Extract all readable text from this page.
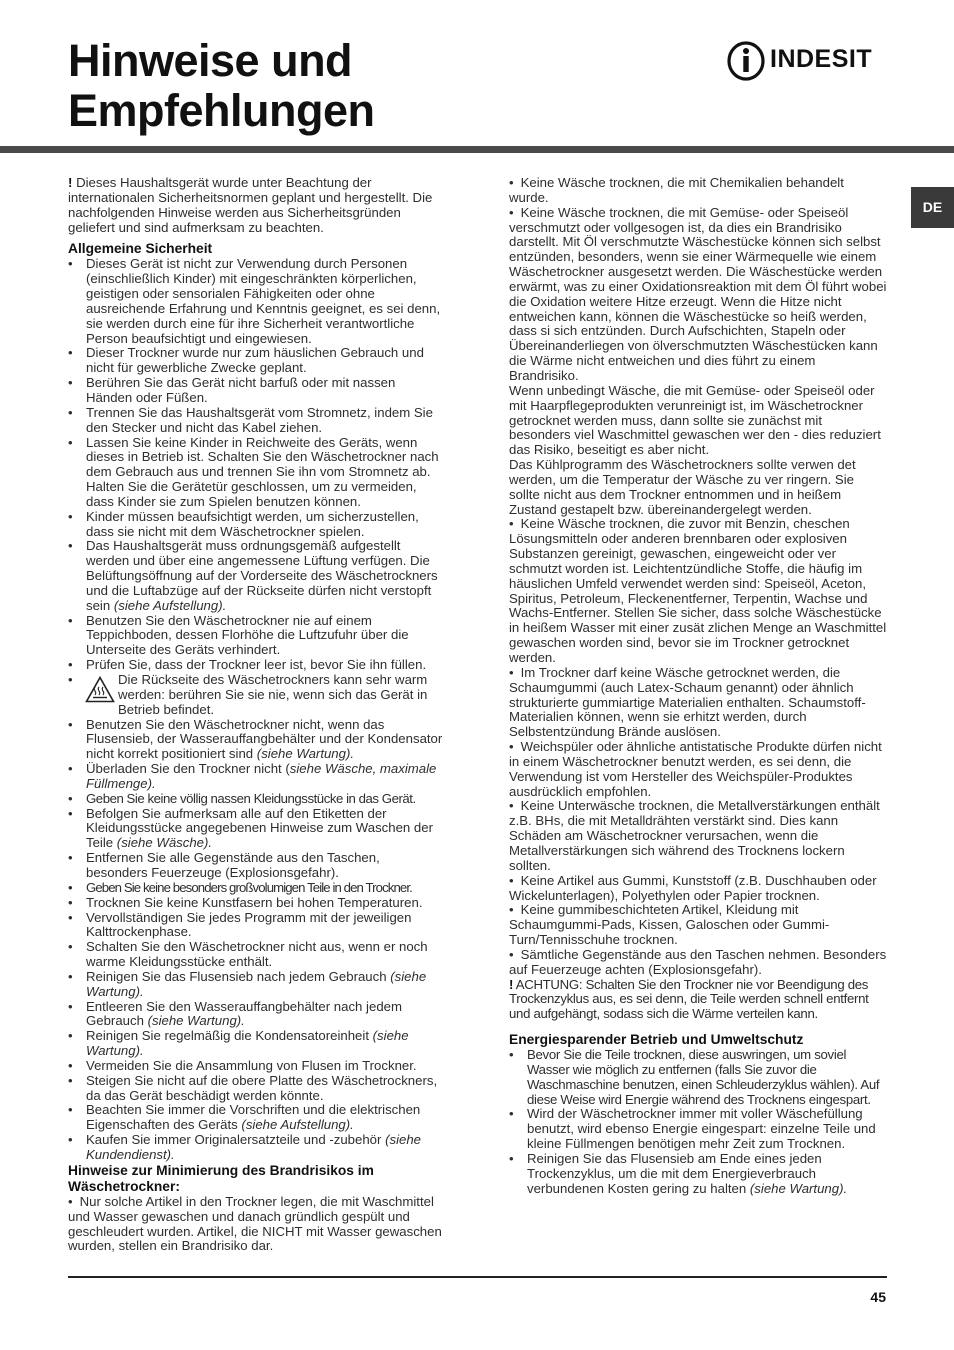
Hinweise und
Empfehlungen
INDESIT
DE

! Dieses Haushaltsgerät wurde unter Beachtung der internationalen Sicherheitsnormen geplant und hergestellt. Die nachfolgenden Hinweise werden aus Sicherheitsgründen geliefert und sind aufmerksam zu beachten.

Allgemeine Sicherheit
• Dieses Gerät ist nicht zur Verwendung durch Personen (einschließlich Kinder) mit eingeschränkten körperlichen, geistigen oder sensorialen Fähigkeiten oder ohne ausreichende Erfahrung und Kenntnis geeignet, es sei denn, sie werden durch eine für ihre Sicherheit verantwortliche Person beaufsichtigt und eingewiesen.
• Dieser Trockner wurde nur zum häuslichen Gebrauch und nicht für gewerbliche Zwecke geplant.
• Berühren Sie das Gerät nicht barfuß oder mit nassen Händen oder Füßen.
• Trennen Sie das Haushaltsgerät vom Stromnetz, indem Sie den Stecker und nicht das Kabel ziehen.
• Lassen Sie keine Kinder in Reichweite des Geräts, wenn dieses in Betrieb ist. Schalten Sie den Wäschetrockner nach dem Gebrauch aus und trennen Sie ihn vom Stromnetz ab. Halten Sie die Gerätetür geschlossen, um zu vermeiden, dass Kinder sie zum Spielen benutzen können.
• Kinder müssen beaufsichtigt werden, um sicherzustellen, dass sie nicht mit dem Wäschetrockner spielen.
• Das Haushaltsgerät muss ordnungsgemäß aufgestellt werden und über eine angemessene Lüftung verfügen. Die Belüftungsöffnung auf der Vorderseite des Wäschetrockners und die Luftabzüge auf der Rückseite dürfen nicht verstopft sein (siehe Aufstellung).
• Benutzen Sie den Wäschetrockner nie auf einem Teppichboden, dessen Florhöhe die Luftzufuhr über die Unterseite des Geräts verhindert.
• Prüfen Sie, dass der Trockner leer ist, bevor Sie ihn füllen.
• Die Rückseite des Wäschetrockners kann sehr warm werden: berühren Sie sie nie, wenn sich das Gerät in Betrieb befindet.
• Benutzen Sie den Wäschetrockner nicht, wenn das Flusensieb, der Wasserauffangbehälter und der Kondensator nicht korrekt positioniert sind (siehe Wartung).
• Überladen Sie den Trockner nicht (siehe Wäsche, maximale Füllmenge).
• Geben Sie keine völlig nassen Kleidungsstücke in das Gerät.
• Befolgen Sie aufmerksam alle auf den Etiketten der Kleidungsstücke angegebenen Hinweise zum Waschen der Teile (siehe Wäsche).
• Entfernen Sie alle Gegenstände aus den Taschen, besonders Feuerzeuge (Explosionsgefahr).
• Geben Sie keine besonders großvolumigen Teile in den Trockner.
• Trocknen Sie keine Kunstfasern bei hohen Temperaturen.
• Vervollständigen Sie jedes Programm mit der jeweiligen Kalttrockenphase.
• Schalten Sie den Wäschetrockner nicht aus, wenn er noch warme Kleidungsstücke enthält.
• Reinigen Sie das Flusensieb nach jedem Gebrauch (siehe Wartung).
• Entleeren Sie den Wasserauffangbehälter nach jedem Gebrauch (siehe Wartung).
• Reinigen Sie regelmäßig die Kondensatoreinheit (siehe Wartung).
• Vermeiden Sie die Ansammlung von Flusen im Trockner.
• Steigen Sie nicht auf die obere Platte des Wäschetrockners, da das Gerät beschädigt werden könnte.
• Beachten Sie immer die Vorschriften und die elektrischen Eigenschaften des Geräts (siehe Aufstellung).
• Kaufen Sie immer Originalersatzteile und -zubehör (siehe Kundendienst).
Hinweise zur Minimierung des Brandrisikos im Wäschetrockner:

• Nur solche Artikel in den Trockner legen, die mit Waschmittel und Wasser gewaschen und danach gründlich gespült und geschleudert wurden. Artikel, die NICHT mit Wasser gewaschen wurden, stellen ein Brandrisiko dar.

• Keine Wäsche trocknen, die mit Chemikalien behandelt wurde.

• Keine Wäsche trocknen, die mit Gemüse- oder Speiseöl verschmutzt oder vollgesogen ist, da dies ein Brandrisiko darstellt. Mit Öl verschmutzte Wäschestücke können sich selbst entzünden, besonders, wenn sie einer Wärmequelle wie einem Wäschetrockner ausgesetzt werden. Die Wäschestücke werden erwärmt, was zu einer Oxidationsreaktion mit dem Öl führt wobei die Oxidation weitere Hitze erzeugt. Wenn die Hitze nicht entweichen kann, können die Wäschestücke so heiß werden, dass si sich entzünden. Durch Aufschichten, Stapeln oder Übereinanderliegen von ölverschmutzten Wäschestücken kann die Wärme nicht entweichen und dies führt zu einem Brandrisiko.

Wenn unbedingt Wäsche, die mit Gemüse- oder Speiseöl oder mit Haarpflegeprodukten verunreinigt ist, im Wäschetrockner getrocknet werden muss, dann sollte sie zunächst mit besonders viel Waschmittel gewaschen wer den - dies reduziert das Risiko, beseitigt es aber nicht.

Das Kühlprogramm des Wäschetrockners sollte verwen det werden, um die Temperatur der Wäsche zu ver ringern. Sie sollte nicht aus dem Trockner entnommen und in heißem Zustand gestapelt bzw. übereinandergelegt werden.

• Keine Wäsche trocknen, die zuvor mit Benzin, cheschen Lösungsmitteln oder anderen brennbaren oder explosiven Substanzen gereinigt, gewaschen, eingeweicht oder ver schmutzt worden ist. Leichtentzündliche Stoffe, die häufig im häuslichen Umfeld verwendet werden sind: Speiseöl, Aceton, Spiritus, Petroleum, Fleckenentferner, Terpentin, Wachse und Wachs-Entferner. Stellen Sie sicher, dass solche Wäschestücke in heißem Wasser mit einer zusät zlichen Menge an Waschmittel gewaschen worden sind, bevor sie im Trockner getrocknet werden.

• Im Trockner darf keine Wäsche getrocknet werden, die Schaumgummi (auch Latex-Schaum genannt) oder ähnlich strukturierte gummiartige Materialien enthalten. Schaumstoff-Materialien können, wenn sie erhitzt werden, durch Selbstentzündung Brände auslösen.

• Weichspüler oder ähnliche antistatische Produkte dürfen nicht in einem Wäschetrockner benutzt werden, es sei denn, die Verwendung ist vom Hersteller des Weichspüler-Produktes ausdrücklich empfohlen.

• Keine Unterwäsche trocknen, die Metallverstärkungen enthält z.B. BHs, die mit Metalldrähten verstärkt sind. Dies kann Schäden am Wäschetrockner verursachen, wenn die Metallverstärkungen sich während des Trocknens lockern sollten.

• Keine Artikel aus Gummi, Kunststoff (z.B. Duschhauben oder Wickelunterlagen), Polyethylen oder Papier trocknen.

• Keine gummibeschichteten Artikel, Kleidung mit Schaumgummi-Pads, Kissen, Galoschen oder Gummi-Turn/Tennisschuhe trocknen.

• Sämtliche Gegenstände aus den Taschen nehmen. Besonders auf Feuerzeuge achten (Explosionsgefahr).

! ACHTUNG: Schalten Sie den Trockner nie vor Beendigung des Trockenzyklus aus, es sei denn, die Teile werden schnell entfernt und aufgehängt, sodass sich die Wärme verteilen kann.

Energiesparender Betrieb und Umweltschutz
• Bevor Sie die Teile trocknen, diese auswringen, um soviel Wasser wie möglich zu entfernen (falls Sie zuvor die Waschmaschine benutzen, einen Schleuderzyklus wählen). Auf diese Weise wird Energie während des Trocknens eingespart.
• Wird der Wäschetrockner immer mit voller Wäschefüllung benutzt, wird ebenso Energie eingespart: einzelne Teile und kleine Füllmengen benötigen mehr Zeit zum Trocknen.
• Reinigen Sie das Flusensieb am Ende eines jeden Trockenzyklus, um die mit dem Energieverbrauch verbundenen Kosten gering zu halten (siehe Wartung).
45
